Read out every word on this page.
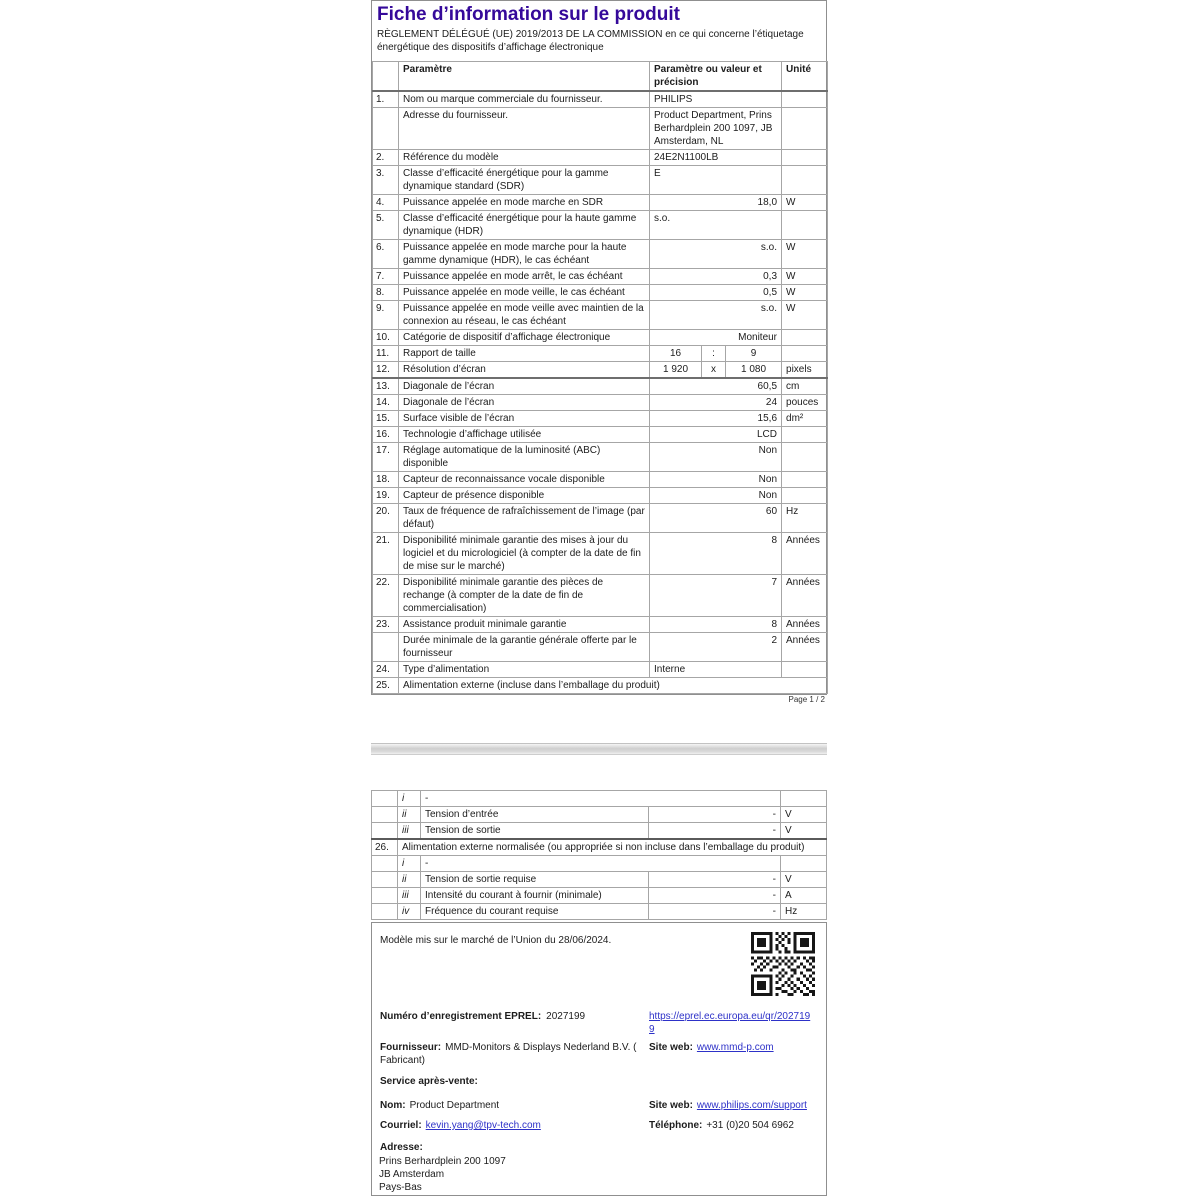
Fiche d’information sur le produit

RÈGLEMENT DÉLÉGUÉ (UE) 2019/2013 DE LA COMMISSION en ce qui concerne l’étiquetage énergétique des dispositifs d’affichage électronique

	Paramètre	Paramètre ou valeur et précision			Unité
1.	Nom ou marque commerciale du fournisseur.	PHILIPS			
	Adresse du fournisseur.	Product Department, Prins Berhardplein 200 1097, JB Amsterdam, NL			
2.	Référence du modèle	24E2N1100LB			
3.	Classe d’efficacité énergétique pour la gamme dynamique standard (SDR)	E			
4.	Puissance appelée en mode marche en SDR	18,0			W
5.	Classe d’efficacité énergétique pour la haute gamme dynamique (HDR)	s.o.			
6.	Puissance appelée en mode marche pour la haute gamme dynamique (HDR), le cas échéant	s.o.			W
7.	Puissance appelée en mode arrêt, le cas échéant	0,3			W
8.	Puissance appelée en mode veille, le cas échéant	0,5			W
9.	Puissance appelée en mode veille avec maintien de la connexion au réseau, le cas échéant	s.o.			W
10.	Catégorie de dispositif d’affichage électronique	Moniteur			
11.	Rapport de taille	16	:	9	
12.	Résolution d’écran	1 920	x	1 080	pixels
13.	Diagonale de l’écran	60,5			cm
14.	Diagonale de l’écran	24			pouces
15.	Surface visible de l’écran	15,6			dm²
16.	Technologie d’affichage utilisée	LCD			
17.	Réglage automatique de la luminosité (ABC) disponible	Non			
18.	Capteur de reconnaissance vocale disponible	Non			
19.	Capteur de présence disponible	Non			
20.	Taux de fréquence de rafraîchissement de l’image (par défaut)	60			Hz
21.	Disponibilité minimale garantie des mises à jour du logiciel et du micrologiciel (à compter de la date de fin de mise sur le marché)	8			Années
22.	Disponibilité minimale garantie des pièces de rechange (à compter de la date de fin de commercialisation)	7			Années
23.	Assistance produit minimale garantie	8			Années
	Durée minimale de la garantie générale offerte par le fournisseur	2			Années
24.	Type d’alimentation	Interne			
25.	Alimentation externe (incluse dans l’emballage du produit)				
Page 1 / 2
	i	-		
	ii	Tension d’entrée	-	V
	iii	Tension de sortie	-	V
26.	Alimentation externe normalisée (ou appropriée si non incluse dans l’emballage du produit)			
	i	-		
	ii	Tension de sortie requise	-	V
	iii	Intensité du courant à fournir (minimale)	-	A
	iv	Fréquence du courant requise	-	Hz
Modèle mis sur le marché de l’Union du 28/06/2024.
Numéro d’enregistrement EPREL: 2027199	https://eprel.ec.europa.eu/qr/2027199
Fournisseur: MMD-Monitors & Displays Nederland B.V. ( Fabricant)
Site web: www.mmd-p.com
Service après-vente:
Nom: Product Department	Site web: www.philips.com/support
Courriel: kevin.yang@tpv-tech.com	Téléphone: +31 (0)20 504 6962
Adresse:
Prins Berhardplein 200 1097
JB Amsterdam
Pays-Bas
